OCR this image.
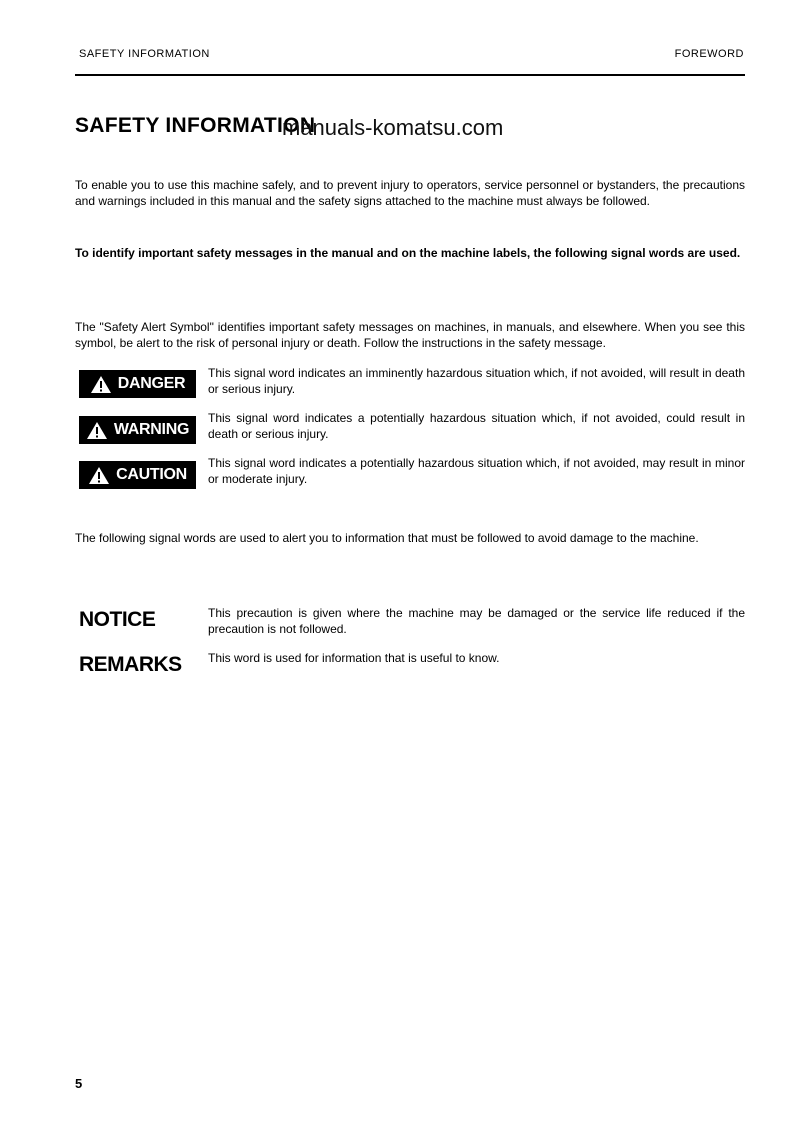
SAFETY INFORMATION	FOREWORD
SAFETY INFORMATION
manuals-komatsu.com
To enable you to use this machine safely, and to prevent injury to operators, service personnel or bystanders, the precautions and warnings included in this manual and the safety signs attached to the machine must always be followed.
To identify important safety messages in the manual and on the machine labels, the following signal words are used.
The "Safety Alert Symbol" identifies important safety messages on machines, in manuals, and elsewhere. When you see this symbol, be alert to the risk of personal injury or death. Follow the instructions in the safety message.
DANGER
This signal word indicates an imminently hazardous situation which, if not avoided, will result in death or serious injury.
WARNING
This signal word indicates a potentially hazardous situation which, if not avoided, could result in death or serious injury.
CAUTION
This signal word indicates a potentially hazardous situation which, if not avoided, may result in minor or moderate injury.
The following signal words are used to alert you to information that must be followed to avoid damage to the machine.
NOTICE	This precaution is given where the machine may be damaged or the service life reduced if the precaution is not followed.
REMARKS This word is used for information that is useful to know.
5
